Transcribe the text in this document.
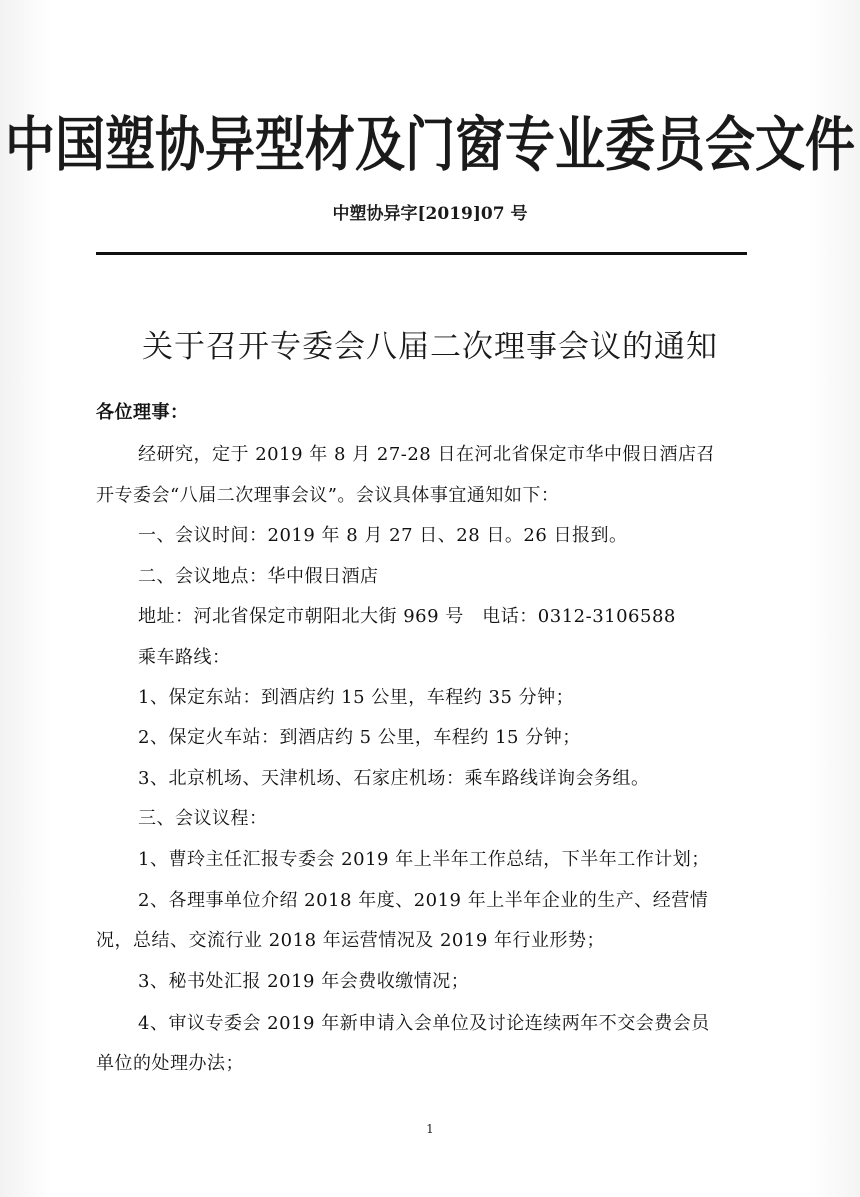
中国塑协异型材及门窗专业委员会文件
中塑协异字[2019]07 号
关于召开专委会八届二次理事会议的通知
各位理事：
经研究，定于 2019 年 8 月 27-28 日在河北省保定市华中假日酒店召
开专委会“八届二次理事会议”。会议具体事宜通知如下：
一、会议时间：2019 年 8 月 27 日、28 日。26 日报到。
二、会议地点：华中假日酒店
地址：河北省保定市朝阳北大街 969 号　电话：0312-3106588
乘车路线：
1、保定东站：到酒店约 15 公里，车程约 35 分钟；
2、保定火车站：到酒店约 5 公里，车程约 15 分钟；
3、北京机场、天津机场、石家庄机场：乘车路线详询会务组。
三、会议议程：
1、曹玲主任汇报专委会 2019 年上半年工作总结，下半年工作计划；
2、各理事单位介绍 2018 年度、2019 年上半年企业的生产、经营情
况，总结、交流行业 2018 年运营情况及 2019 年行业形势；
3、秘书处汇报 2019 年会费收缴情况；
4、审议专委会 2019 年新申请入会单位及讨论连续两年不交会费会员
单位的处理办法；
1
